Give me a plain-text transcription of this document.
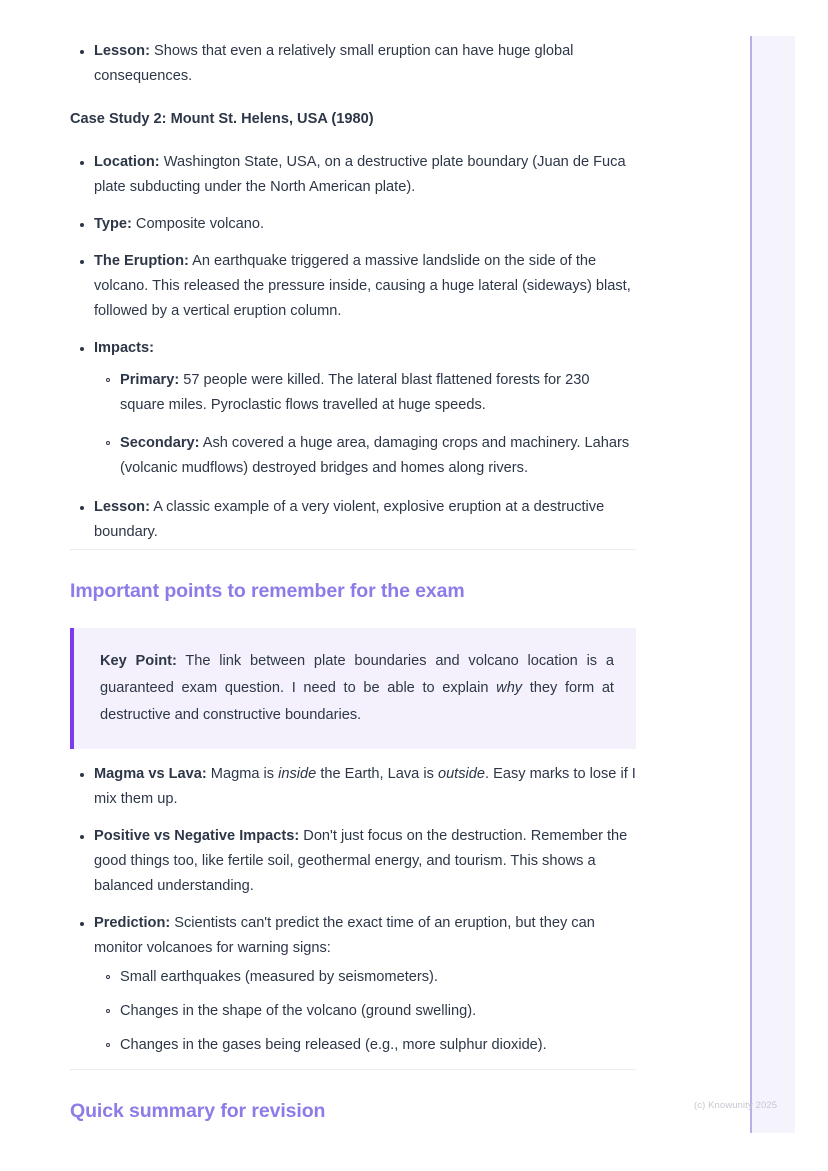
Lesson: Shows that even a relatively small eruption can have huge global consequences.
Case Study 2: Mount St. Helens, USA (1980)
Location: Washington State, USA, on a destructive plate boundary (Juan de Fuca plate subducting under the North American plate).
Type: Composite volcano.
The Eruption: An earthquake triggered a massive landslide on the side of the volcano. This released the pressure inside, causing a huge lateral (sideways) blast, followed by a vertical eruption column.
Impacts:
Primary: 57 people were killed. The lateral blast flattened forests for 230 square miles. Pyroclastic flows travelled at huge speeds.
Secondary: Ash covered a huge area, damaging crops and machinery. Lahars (volcanic mudflows) destroyed bridges and homes along rivers.
Lesson: A classic example of a very violent, explosive eruption at a destructive boundary.
Important points to remember for the exam

Key Point: The link between plate boundaries and volcano location is a guaranteed exam question. I need to be able to explain why they form at destructive and constructive boundaries.

Magma vs Lava: Magma is inside the Earth, Lava is outside. Easy marks to lose if I mix them up.
Positive vs Negative Impacts: Don't just focus on the destruction. Remember the good things too, like fertile soil, geothermal energy, and tourism. This shows a balanced understanding.
Prediction: Scientists can't predict the exact time of an eruption, but they can monitor volcanoes for warning signs:
Small earthquakes (measured by seismometers).
Changes in the shape of the volcano (ground swelling).
Changes in the gases being released (e.g., more sulphur dioxide).
Quick summary for revision	(c) Knowunity 2025
